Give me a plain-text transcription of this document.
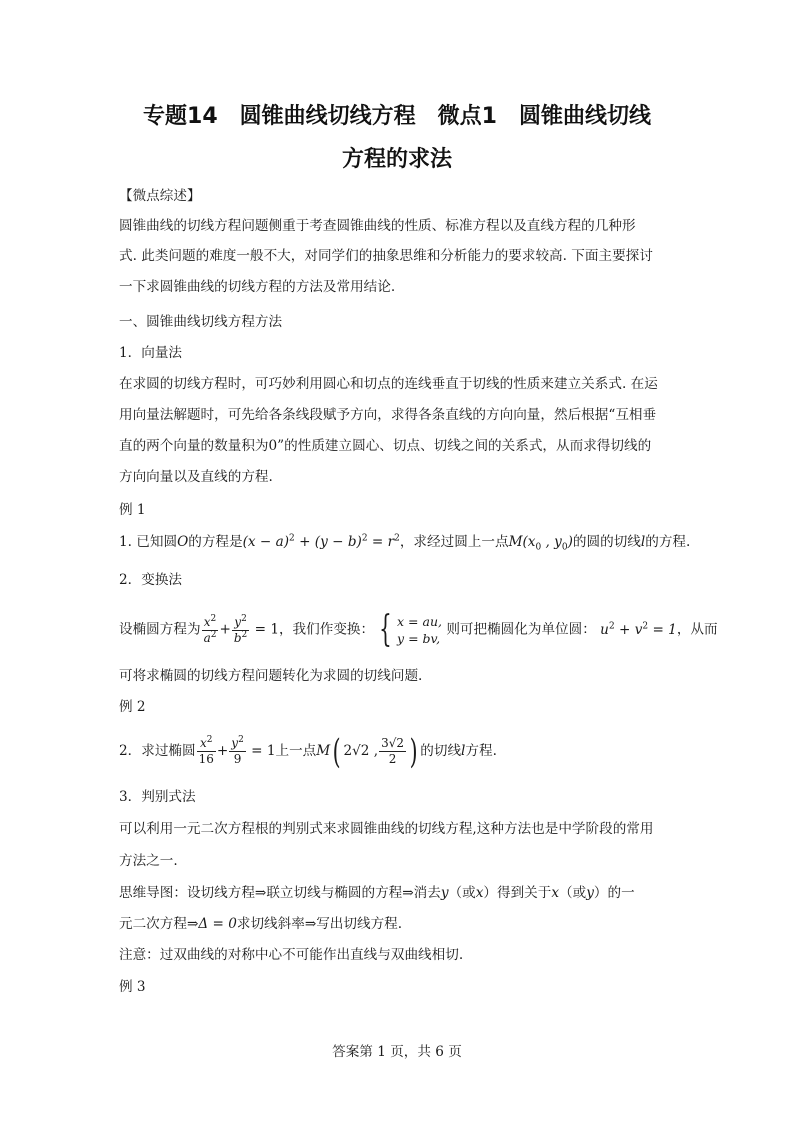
专题14　圆锥曲线切线方程　微点1　圆锥曲线切线
方程的求法
【微点综述】
圆锥曲线的切线方程问题侧重于考查圆锥曲线的性质、标准方程以及直线方程的几种形
式. 此类问题的难度一般不大，对同学们的抽象思维和分析能力的要求较高. 下面主要探讨
一下求圆锥曲线的切线方程的方法及常用结论.
一、圆锥曲线切线方程方法
1．向量法
在求圆的切线方程时，可巧妙利用圆心和切点的连线垂直于切线的性质来建立关系式. 在运
用向量法解题时，可先给各条线段赋予方向，求得各条直线的方向向量，然后根据“互相垂
直的两个向量的数量积为0”的性质建立圆心、切点、切线之间的关系式，从而求得切线的
方向向量以及直线的方程.
例 1
1. 已知圆O的方程是$(x - a)^2 + (y - b)^2 = r^2$，求经过圆上一点$M(x_0$ , $y_0$)的圆的切线l的方程.
2．变换法
设椭圆方程为 $\frac{x^2}{a^2} + \frac{y^2}{b^2} = 1$，我们作变换： { x = au,
y = bv,
则可把椭圆化为单位圆： $u^2 + v^2 = 1$，从而
可将求椭圆的切线方程问题转化为求圆的切线问题.
例 2
2．求过椭圆 $\frac{x^2}{16} + \frac{y^2}{9} = 1$上一点M( 2√2 , $\frac{3√2}{2}$ ) 的切线l方程.
3．判别式法
可以利用一元二次方程根的判别式来求圆锥曲线的切线方程,这种方法也是中学阶段的常用
方法之一.
思维导图：设切线方程⇒联立切线与椭圆的方程⇒消去y（或x）得到关于x（或y）的一
元二次方程⇒Δ = 0求切线斜率⇒写出切线方程.
注意：过双曲线的对称中心不可能作出直线与双曲线相切.
例 3
答案第 1 页，共 6 页
